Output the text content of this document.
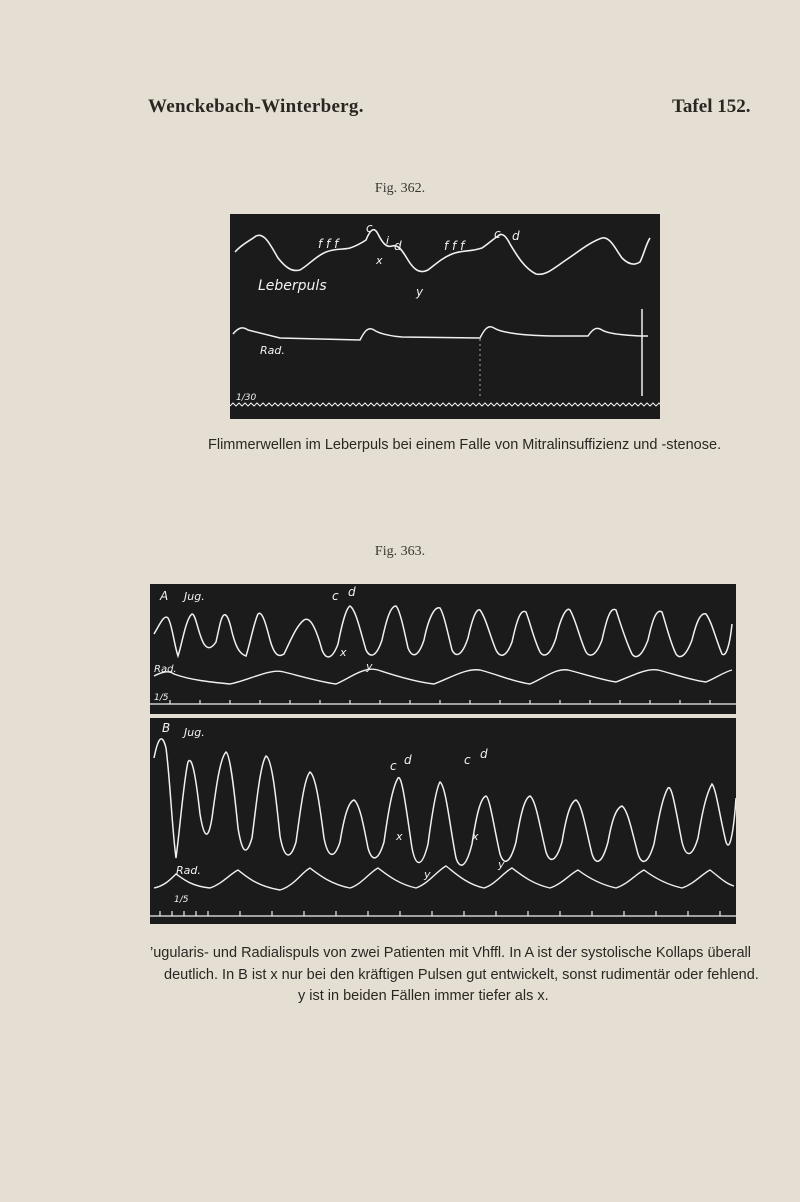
Wenckebach-Winterberg.	Tafel 152.
Fig. 362.
Leberpuls
Rad.
1/30
f f f
c
i d
x
f f f
c d
y
Flimmerwellen im Leberpuls bei einem Falle von Mitralinsuffizienz und -stenose.
Fig. 363.
A Jug.
Rad.
1/5
c d
x
y
B Jug.
Rad.
1/5
c d
x
y
c d
x
y
’ugularis- und Radialispuls von zwei Patienten mit Vhffl. In A ist der systolische Kollaps überall
deutlich. In B ist x nur bei den kräftigen Pulsen gut entwickelt, sonst rudimentär oder fehlend.
y ist in beiden Fällen immer tiefer als x.
